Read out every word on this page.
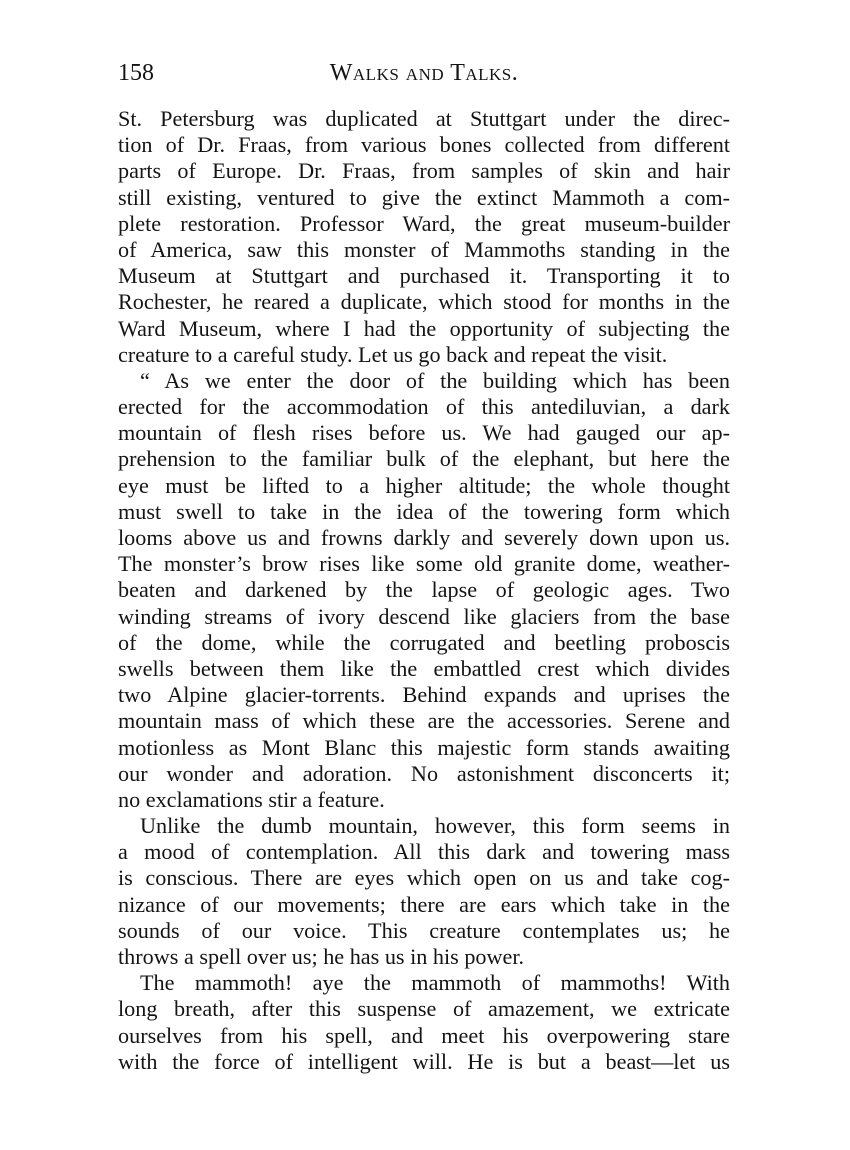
158	Walks and Talks.
St. Petersburg was duplicated at Stuttgart under the direc-
tion of Dr. Fraas, from various bones collected from different
parts of Europe. Dr. Fraas, from samples of skin and hair
still existing, ventured to give the extinct Mammoth a com-
plete restoration. Professor Ward, the great museum-builder
of America, saw this monster of Mammoths standing in the
Museum at Stuttgart and purchased it. Transporting it to
Rochester, he reared a duplicate, which stood for months in the
Ward Museum, where I had the opportunity of subjecting the
creature to a careful study. Let us go back and repeat the visit.
“ As we enter the door of the building which has been
erected for the accommodation of this antediluvian, a dark
mountain of flesh rises before us. We had gauged our ap-
prehension to the familiar bulk of the elephant, but here the
eye must be lifted to a higher altitude; the whole thought
must swell to take in the idea of the towering form which
looms above us and frowns darkly and severely down upon us.
The monster’s brow rises like some old granite dome, weather-
beaten and darkened by the lapse of geologic ages. Two
winding streams of ivory descend like glaciers from the base
of the dome, while the corrugated and beetling proboscis
swells between them like the embattled crest which divides
two Alpine glacier-torrents. Behind expands and uprises the
mountain mass of which these are the accessories. Serene and
motionless as Mont Blanc this majestic form stands awaiting
our wonder and adoration. No astonishment disconcerts it;
no exclamations stir a feature.
Unlike the dumb mountain, however, this form seems in
a mood of contemplation. All this dark and towering mass
is conscious. There are eyes which open on us and take cog-
nizance of our movements; there are ears which take in the
sounds of our voice. This creature contemplates us; he
throws a spell over us; he has us in his power.
The mammoth! aye the mammoth of mammoths! With
long breath, after this suspense of amazement, we extricate
ourselves from his spell, and meet his overpowering stare
with the force of intelligent will. He is but a beast—let us
